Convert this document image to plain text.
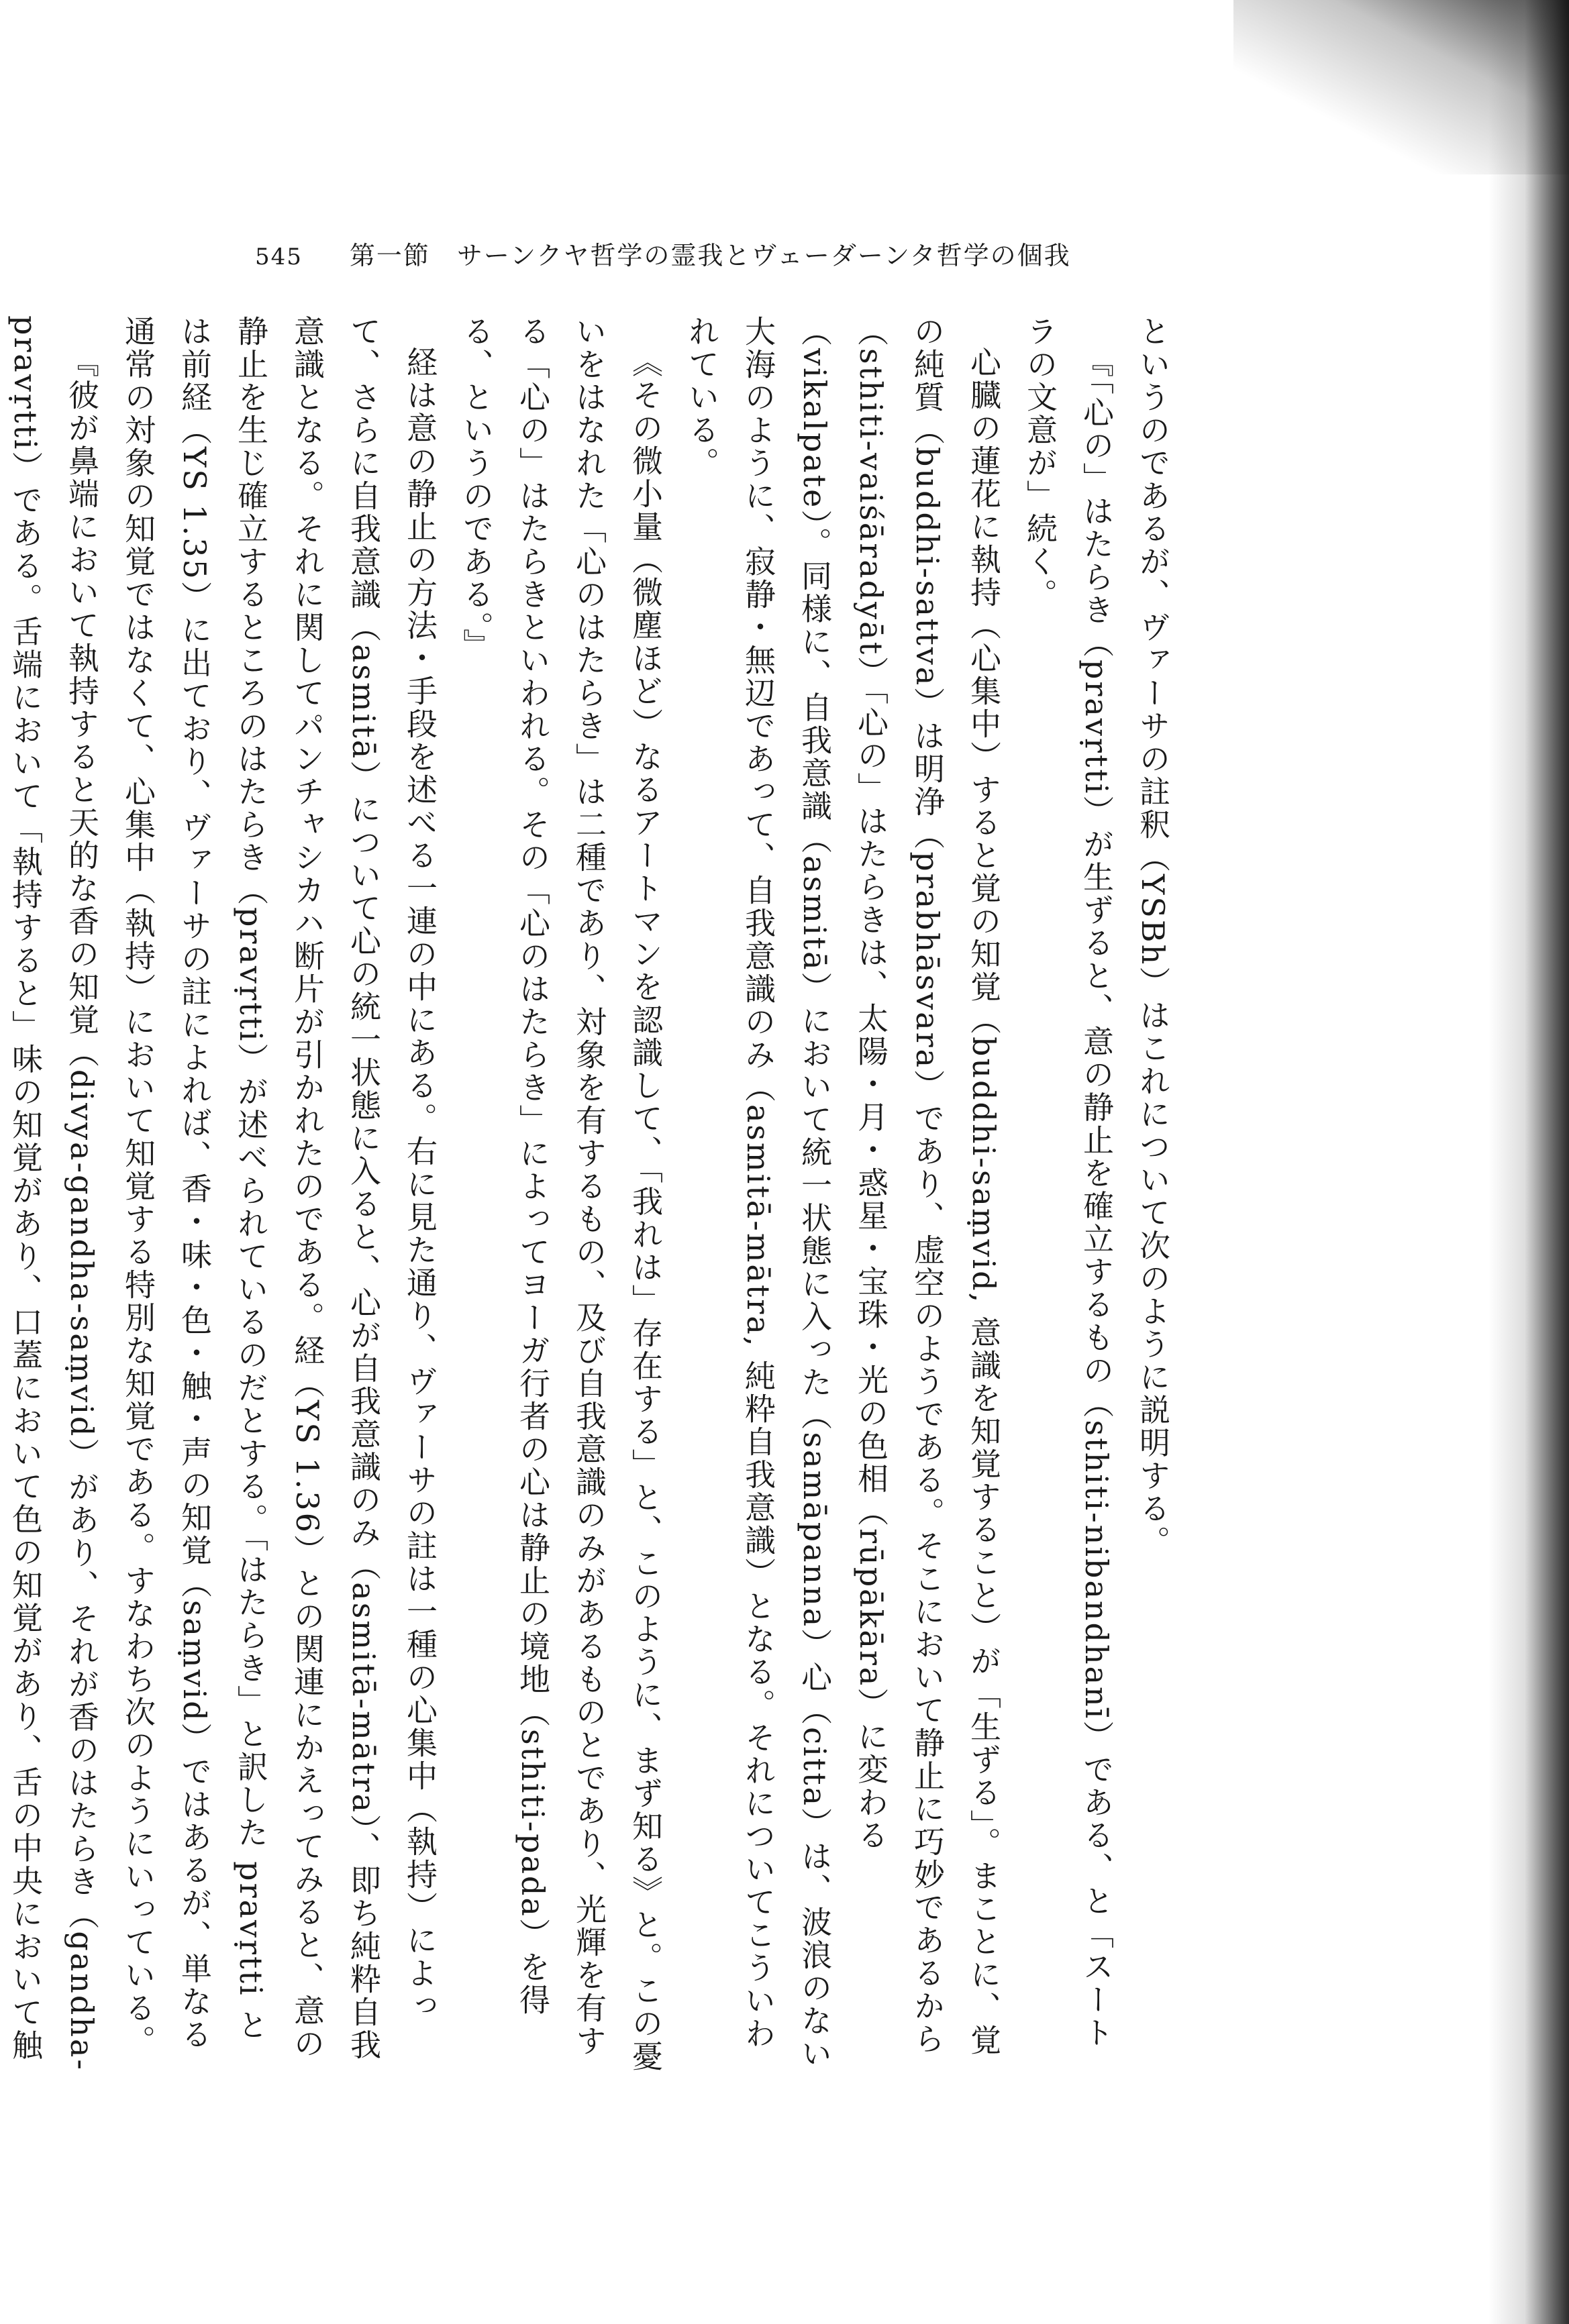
545 第一節　サーンクヤ哲学の霊我とヴェーダーンタ哲学の個我

というのであるが、ヴァーサの註釈（YSBh）はこれについて次のように説明する。

『「心の」はたらき（pravṛtti）が生ずると、意の静止を確立するもの（sthiti-nibandhanī）である、と「スートラの文意が」続く。

心臓の蓮花に執持（心集中）すると覚の知覚（buddhi-saṃvid, 意識を知覚すること）が「生ずる」。まことに、覚の純質（buddhi-sattva）は明浄（prabhāsvara）であり、虚空のようである。そこにおいて静止に巧妙であるから（sthiti-vaiśāradyāt）「心の」はたらきは、太陽・月・惑星・宝珠・光の色相（rūpākāra）に変わる（vikalpate）。同様に、自我意識（asmitā）において統一状態に入った（samāpanna）心（citta）は、波浪のない大海のように、寂静・無辺であって、自我意識のみ（asmitā-mātra, 純粋自我意識）となる。それについてこういわれている。

《その微小量（微塵ほど）なるアートマンを認識して、「我れは」存在する」と、このように、まず知る》と。この憂いをはなれた「心のはたらき」は二種であり、対象を有するもの、及び自我意識のみがあるものとであり、光輝を有する「心の」はたらきといわれる。その「心のはたらき」によってヨーガ行者の心は静止の境地（sthiti-pada）を得る、というのである。』

経は意の静止の方法・手段を述べる一連の中にある。右に見た通り、ヴァーサの註は一種の心集中（執持）によって、さらに自我意識（asmitā）について心の統一状態に入ると、心が自我意識のみ（asmitā-mātra）、即ち純粋自我意識となる。それに関してパンチャシカハ断片が引かれたのである。経（YS 1.36）との関連にかえってみると、意の静止を生じ確立するところのはたらき（pravṛtti）が述べられているのだとする。「はたらき」と訳した pravṛtti とは前経（YS 1.35）に出ており、ヴァーサの註によれば、香・味・色・触・声の知覚（saṃvid）ではあるが、単なる通常の対象の知覚ではなくて、心集中（執持）において知覚する特別な知覚である。すなわち次のようにいっている。

『彼が鼻端において執持すると天的な香の知覚（divya-gandha-saṃvid）があり、それが香のはたらき（gandha-pravṛtti）である。舌端において「執持すると」味の知覚があり、口蓋において色の知覚があり、舌の中央において触
